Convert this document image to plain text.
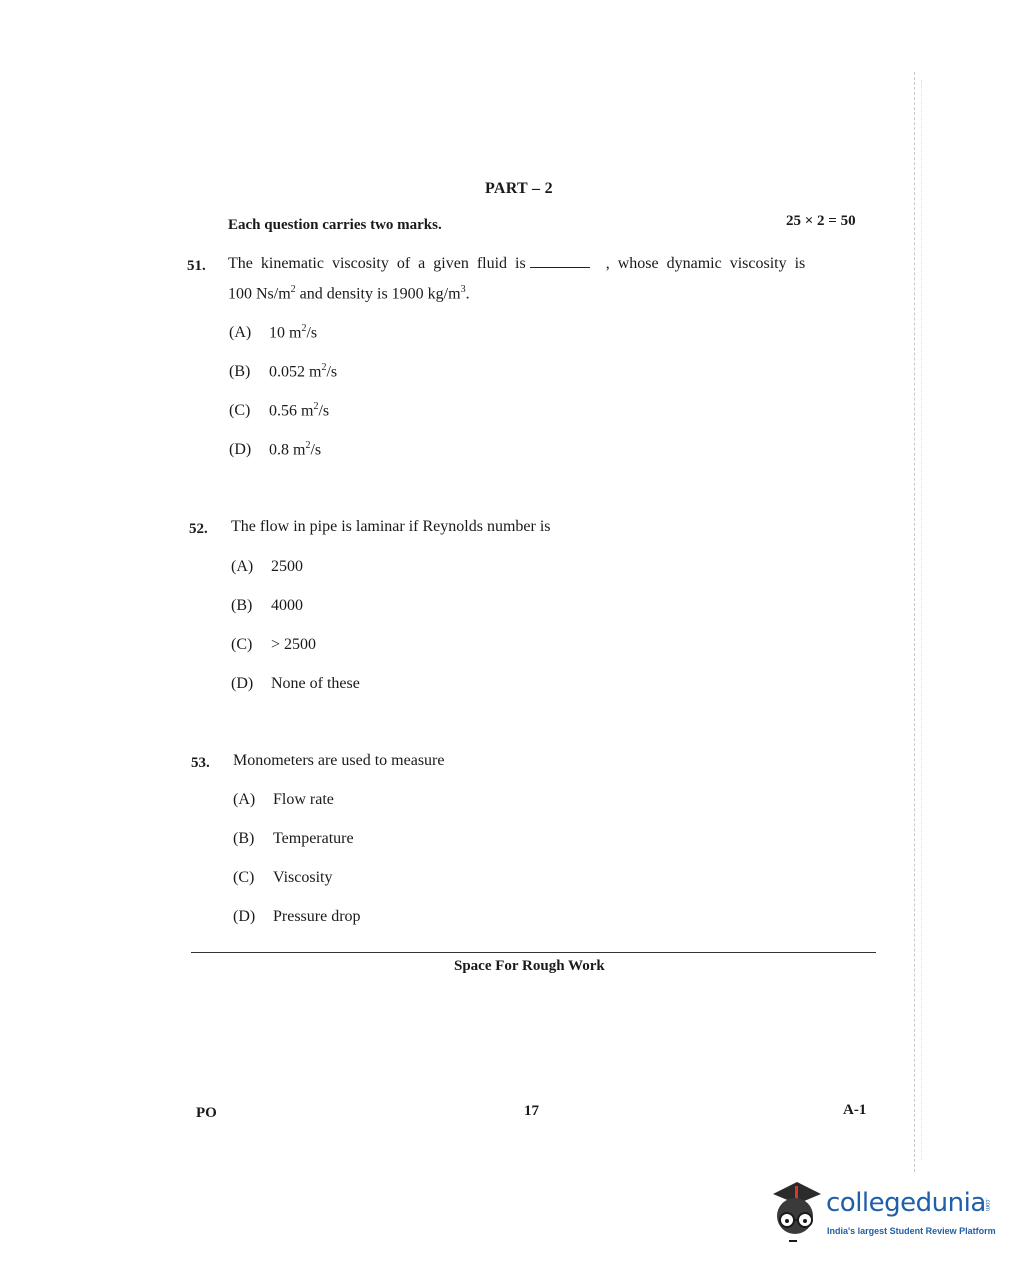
PART – 2
Each question carries two marks.	25 × 2 = 50
51. The kinematic viscosity of a given fluid is	, whose dynamic viscosity is
100 $Ns/m^2$ and density is 1900 $kg/m^3$.
(A) 10 $m^2/s$
(B) 0.052 $m^2/s$
(C) 0.56 $m^2/s$
(D) 0.8 $m^2/s$
52. The flow in pipe is laminar if Reynolds number is
(A) 2500
(B) 4000
(C) > 2500
(D) None of these
53. Monometers are used to measure
(A) Flow rate
(B) Temperature
(C) Viscosity
(D) Pressure drop
Space For Rough Work
PO	17	A-1
collegedunia
.com
India's largest Student Review Platform
